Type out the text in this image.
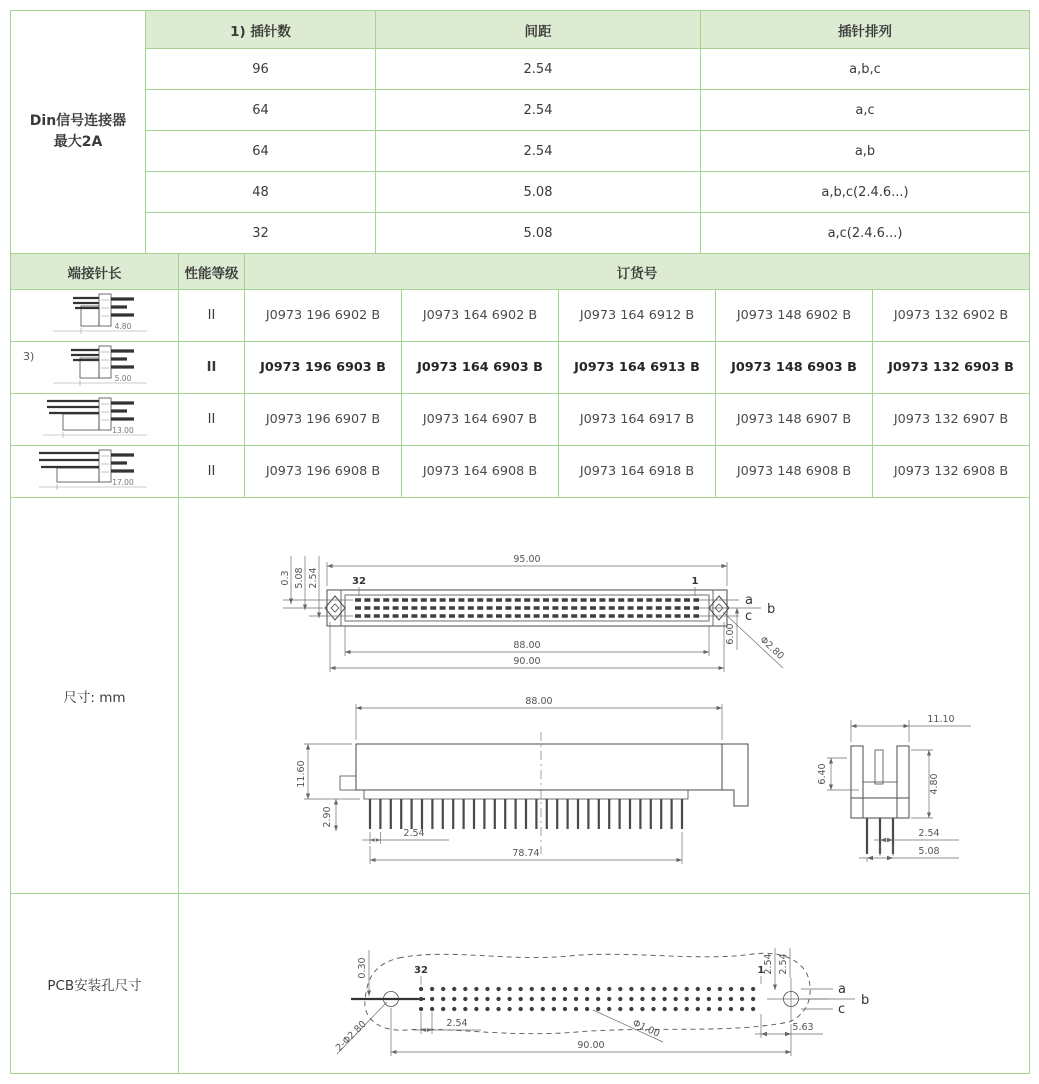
Din信号连接器
最大2A	1) 插针数	间距	插针排列
	96	2.54	a,b,c
	64	2.54	a,c
	64	2.54	a,b
	48	5.08	a,b,c(2.4.6...)
	32	5.08	a,c(2.4.6...)
端接针长	性能等级	订货号				

4.80	II	J0973 196 6902 B	J0973 164 6902 B	J0973 164 6912 B	J0973 148 6902 B	J0973 132 6902 B

3)
5.00	II	J0973 196 6903 B	J0973 164 6903 B	J0973 164 6913 B	J0973 148 6903 B	J0973 132 6903 B

13.00	II	J0973 196 6907 B	J0973 164 6907 B	J0973 164 6917 B	J0973 148 6907 B	J0973 132 6907 B

17.00	II	J0973 196 6908 B	J0973 164 6908 B	J0973 164 6918 B	J0973 148 6908 B	J0973 132 6908 B
尺寸: mm	
32	1
95.00
0.3 5.08 2.54
a
b
c
6.00
Φ2.80
88.00
90.00
88.00
11.60
2.90
2.54
78.74
11.10
6.40	4.80
2.54
5.08
PCB安装孔尺寸	
32	1
0.30	2.54 2.54
a
b
c
2-Φ2.80	Φ1.00
2.54
90.00
5.63
